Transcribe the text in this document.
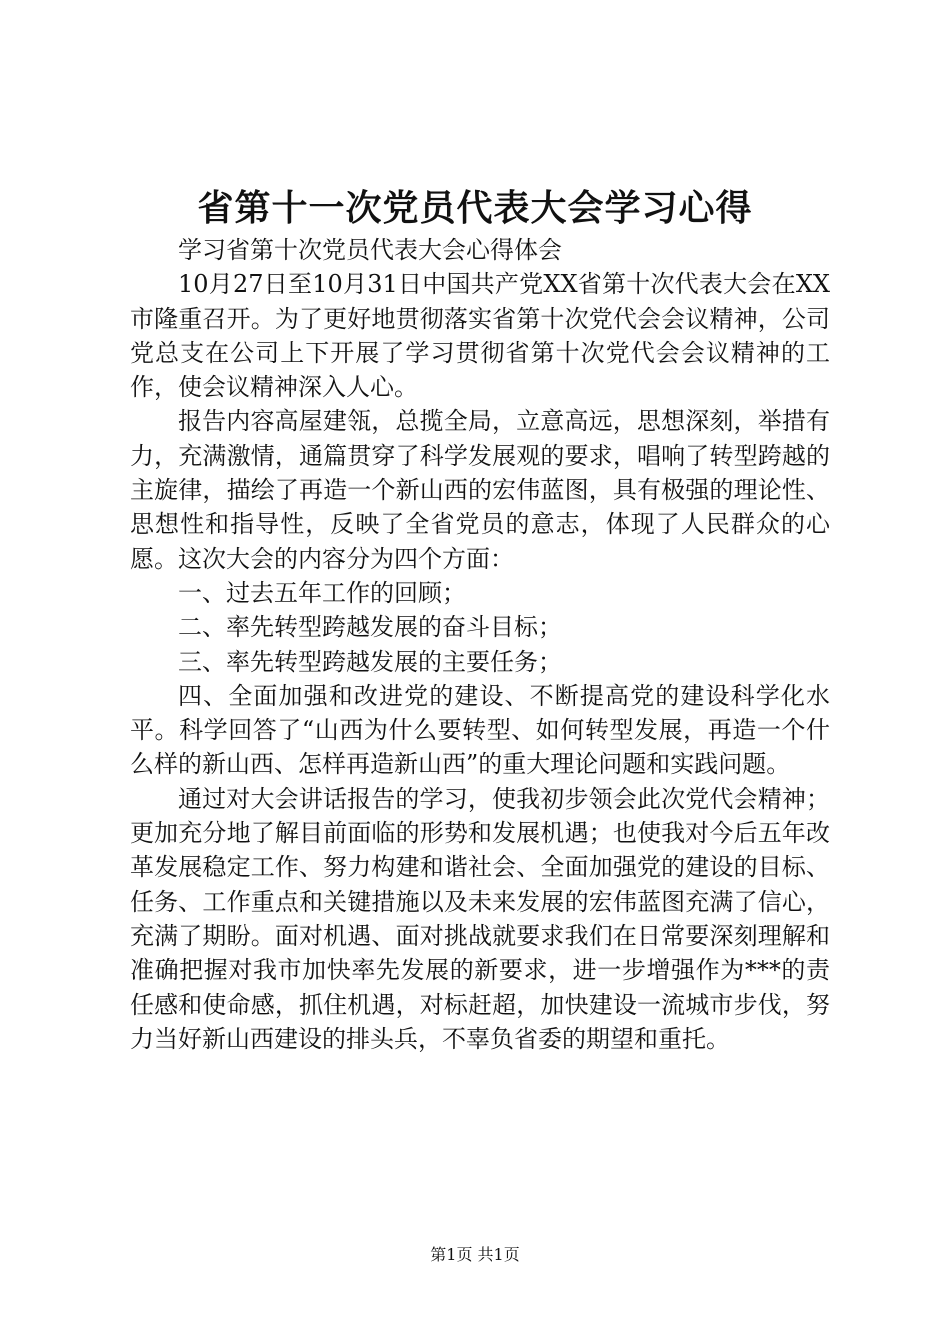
省第十一次党员代表大会学习心得

学习省第十次党员代表大会心得体会

10月27日至10月31日中国共产党XX省第十次代表大会在XX市隆重召开。为了更好地贯彻落实省第十次党代会会议精神，公司党总支在公司上下开展了学习贯彻省第十次党代会会议精神的工作，使会议精神深入人心。

报告内容高屋建瓴，总揽全局，立意高远，思想深刻，举措有力，充满激情，通篇贯穿了科学发展观的要求，唱响了转型跨越的主旋律，描绘了再造一个新山西的宏伟蓝图，具有极强的理论性、思想性和指导性，反映了全省党员的意志，体现了人民群众的心愿。这次大会的内容分为四个方面：

一、过去五年工作的回顾；

二、率先转型跨越发展的奋斗目标；

三、率先转型跨越发展的主要任务；

四、全面加强和改进党的建设、不断提高党的建设科学化水平。科学回答了“山西为什么要转型、如何转型发展，再造一个什么样的新山西、怎样再造新山西”的重大理论问题和实践问题。

通过对大会讲话报告的学习，使我初步领会此次党代会精神；更加充分地了解目前面临的形势和发展机遇；也使我对今后五年改革发展稳定工作、努力构建和谐社会、全面加强党的建设的目标、任务、工作重点和关键措施以及未来发展的宏伟蓝图充满了信心，充满了期盼。面对机遇、面对挑战就要求我们在日常要深刻理解和准确把握对我市加快率先发展的新要求，进一步增强作为***的责任感和使命感，抓住机遇，对标赶超，加快建设一流城市步伐，努力当好新山西建设的排头兵，不辜负省委的期望和重托。

第1页 共1页
